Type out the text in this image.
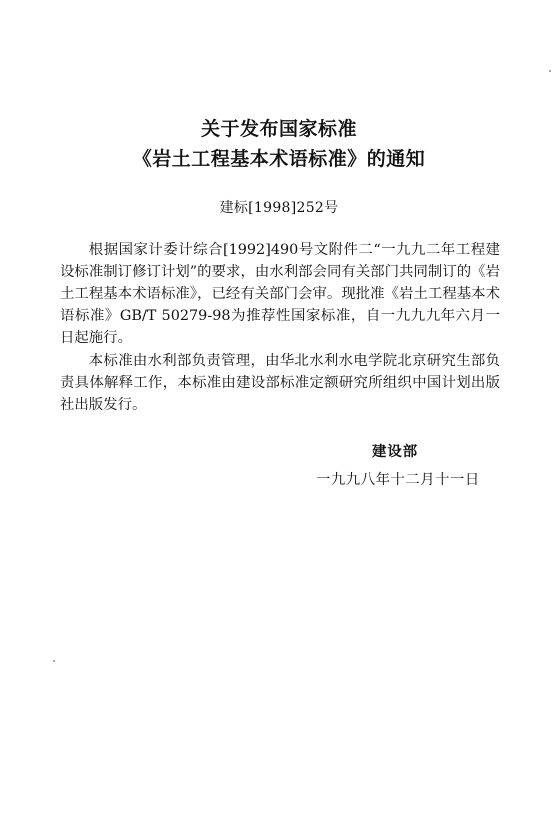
关于发布国家标准
《岩土工程基本术语标准》的通知
建标[1998]252号

根据国家计委计综合[1992]490号文附件二“一九九二年工程建设标准制订修订计划”的要求，由水利部会同有关部门共同制订的《岩土工程基本术语标准》，已经有关部门会审。现批准《岩土工程基本术语标准》GB/T 50279-98为推荐性国家标准，自一九九九年六月一日起施行。

本标准由水利部负责管理，由华北水利水电学院北京研究生部负责具体解释工作，本标准由建设部标准定额研究所组织中国计划出版社出版发行。

建设部
一九九八年十二月十一日
